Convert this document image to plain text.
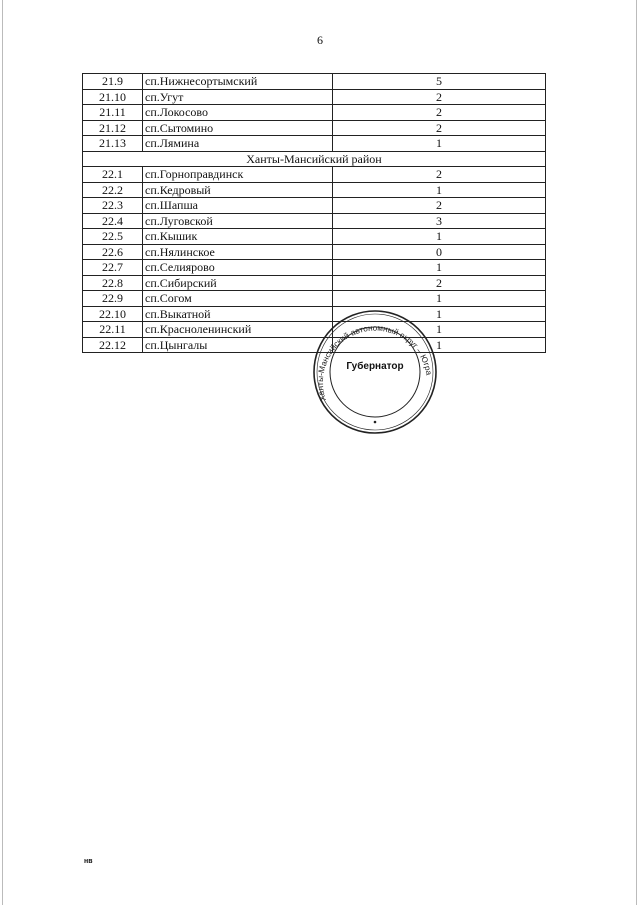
6
21.9	сп.Нижнесортымский	5
21.10	сп.Угут	2
21.11	сп.Локосово	2
21.12	сп.Сытомино	2
21.13	сп.Лямина	1
Ханты-Мансийский район		
22.1	сп.Горноправдинск	2
22.2	сп.Кедровый	1
22.3	сп.Шапша	2
22.4	сп.Луговской	3
22.5	сп.Кышик	1
22.6	сп.Нялинское	0
22.7	сп.Селиярово	1
22.8	сп.Сибирский	2
22.9	сп.Согом	1
22.10	сп.Выкатной	1
22.11	сп.Красноленинский	1
22.12	сп.Цынгалы	1
Ханты-Мансийский автономный округ – Югра
Губернатор
нв
